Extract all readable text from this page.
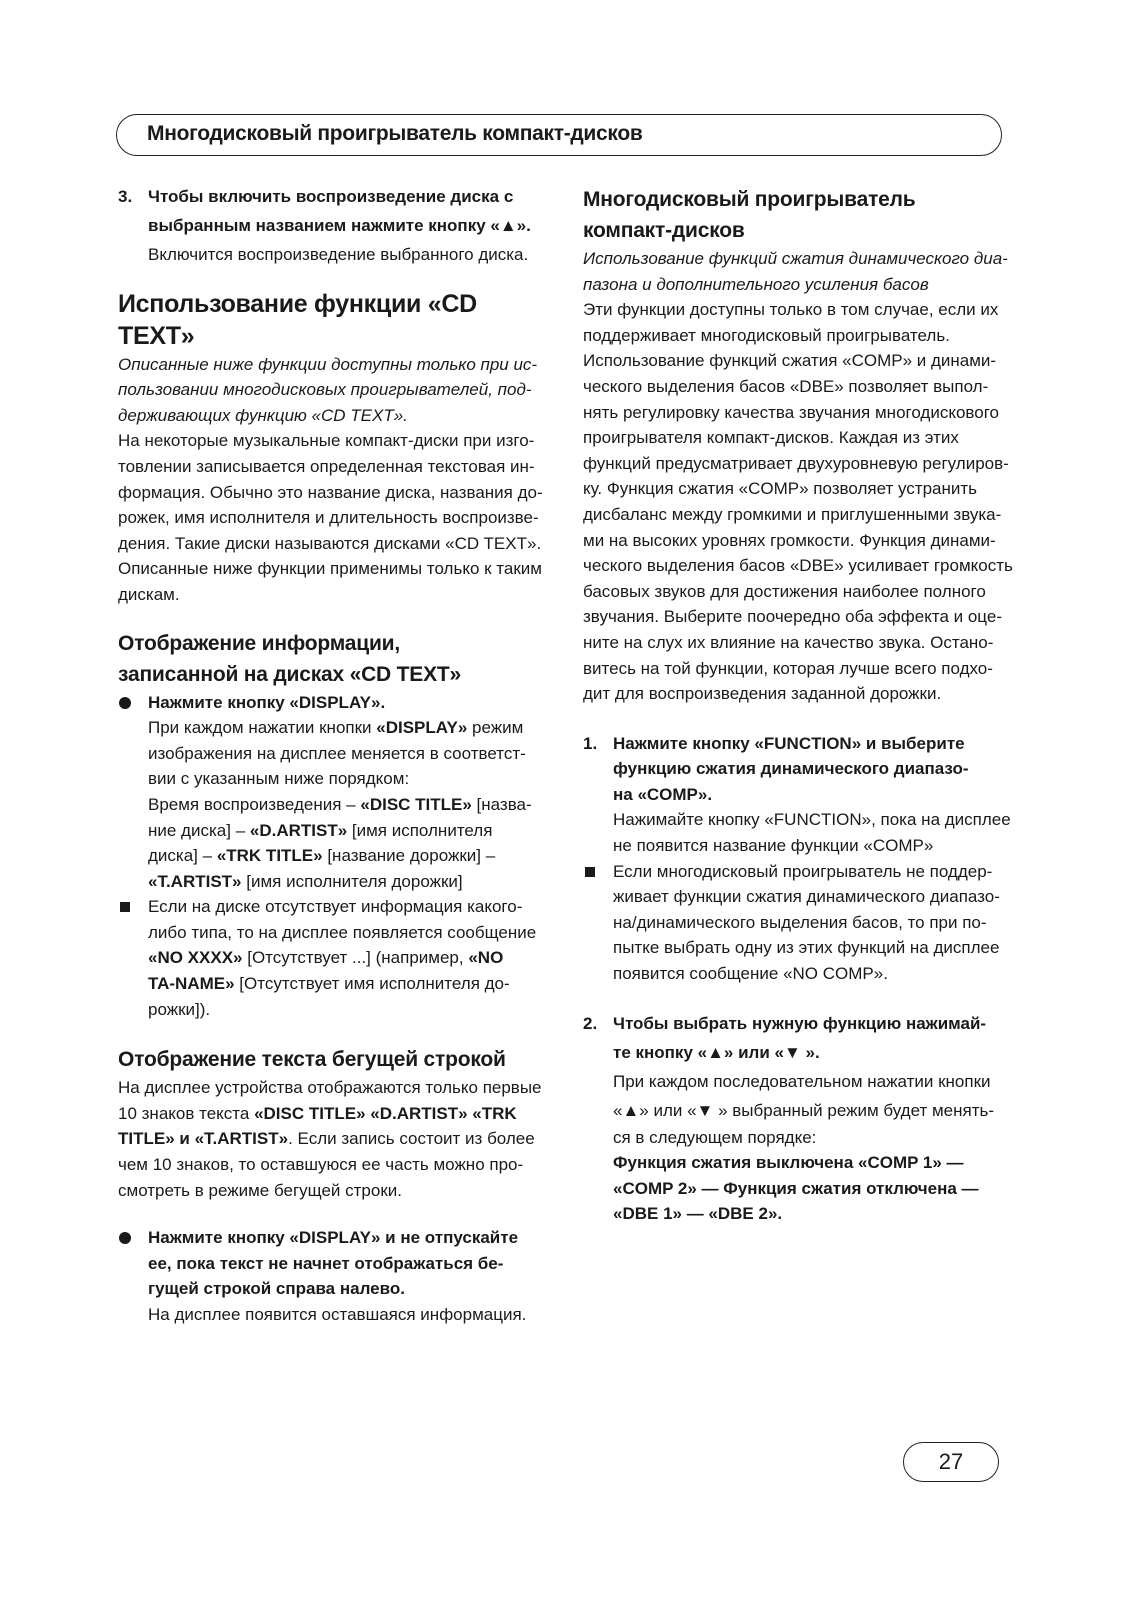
Многодисковый проигрыватель компакт-дисков
3. Чтобы включить воспроизведение диска с
выбранным названием нажмите кнопку «▲».
Включится воспроизведение выбранного диска.
Использование функции «CD TEXT»
Описанные ниже функции доступны только при ис-
пользовании многодисковых проигрывателей, под-
держивающих функцию «CD TEXT».
На некоторые музыкальные компакт-диски при изго-
товлении записывается определенная текстовая ин-
формация. Обычно это название диска, названия до-
рожек, имя исполнителя и длительность воспроизве-
дения. Такие диски называются дисками «CD TEXT».
Описанные ниже функции применимы только к таким
дискам.
Отображение информации,
записанной на дисках «CD TEXT»
Нажмите кнопку «DISPLAY».
При каждом нажатии кнопки «DISPLAY» режим
изображения на дисплее меняется в соответст-
вии с указанным ниже порядком:
Время воспроизведения – «DISC TITLE» [назва-
ние диска] – «D.ARTIST» [имя исполнителя
диска] – «TRK TITLE» [название дорожки] –
«T.ARTIST» [имя исполнителя дорожки]
Если на диске отсутствует информация какого-
либо типа, то на дисплее появляется сообщение
«NO XXXX» [Отсутствует ...] (например, «NO
TA-NAME» [Отсутствует имя исполнителя до-
рожки]).
Отображение текста бегущей строкой
На дисплее устройства отображаются только первые
10 знаков текста «DISC TITLE» «D.ARTIST» «TRK
TITLE» и «T.ARTIST». Если запись состоит из более
чем 10 знаков, то оставшуюся ее часть можно про-
смотреть в режиме бегущей строки.
Нажмите кнопку «DISPLAY» и не отпускайте
ее, пока текст не начнет отображаться бе-
гущей строкой справа налево.
На дисплее появится оставшаяся информация.
Многодисковый проигрыватель
компакт-дисков
Использование функций сжатия динамического диа-
пазона и дополнительного усиления басов
Эти функции доступны только в том случае, если их
поддерживает многодисковый проигрыватель.
Использование функций сжатия «COMP» и динами-
ческого выделения басов «DBE» позволяет выпол-
нять регулировку качества звучания многодискового
проигрывателя компакт-дисков. Каждая из этих
функций предусматривает двухуровневую регулиров-
ку. Функция сжатия «COMP» позволяет устранить
дисбаланс между громкими и приглушенными звука-
ми на высоких уровнях громкости. Функция динами-
ческого выделения басов «DBE» усиливает громкость
басовых звуков для достижения наиболее полного
звучания. Выберите поочередно оба эффекта и оце-
ните на слух их влияние на качество звука. Остано-
витесь на той функции, которая лучше всего подхо-
дит для воспроизведения заданной дорожки.
1. Нажмите кнопку «FUNCTION» и выберите
функцию сжатия динамического диапазо-
на «COMP».
Нажимайте кнопку «FUNCTION», пока на дисплее
не появится название функции «COMP»
Если многодисковый проигрыватель не поддер-
живает функции сжатия динамического диапазо-
на/динамического выделения басов, то при по-
пытке выбрать одну из этих функций на дисплее
появится сообщение «NO COMP».
2. Чтобы выбрать нужную функцию нажимай-
те кнопку «▲» или «▼ ».
При каждом последовательном нажатии кнопки
«▲» или «▼ » выбранный режим будет менять-
ся в следующем порядке:
Функция сжатия выключена «COMP 1» —
«COMP 2» — Функция сжатия отключена —
«DBE 1» — «DBE 2».
27
